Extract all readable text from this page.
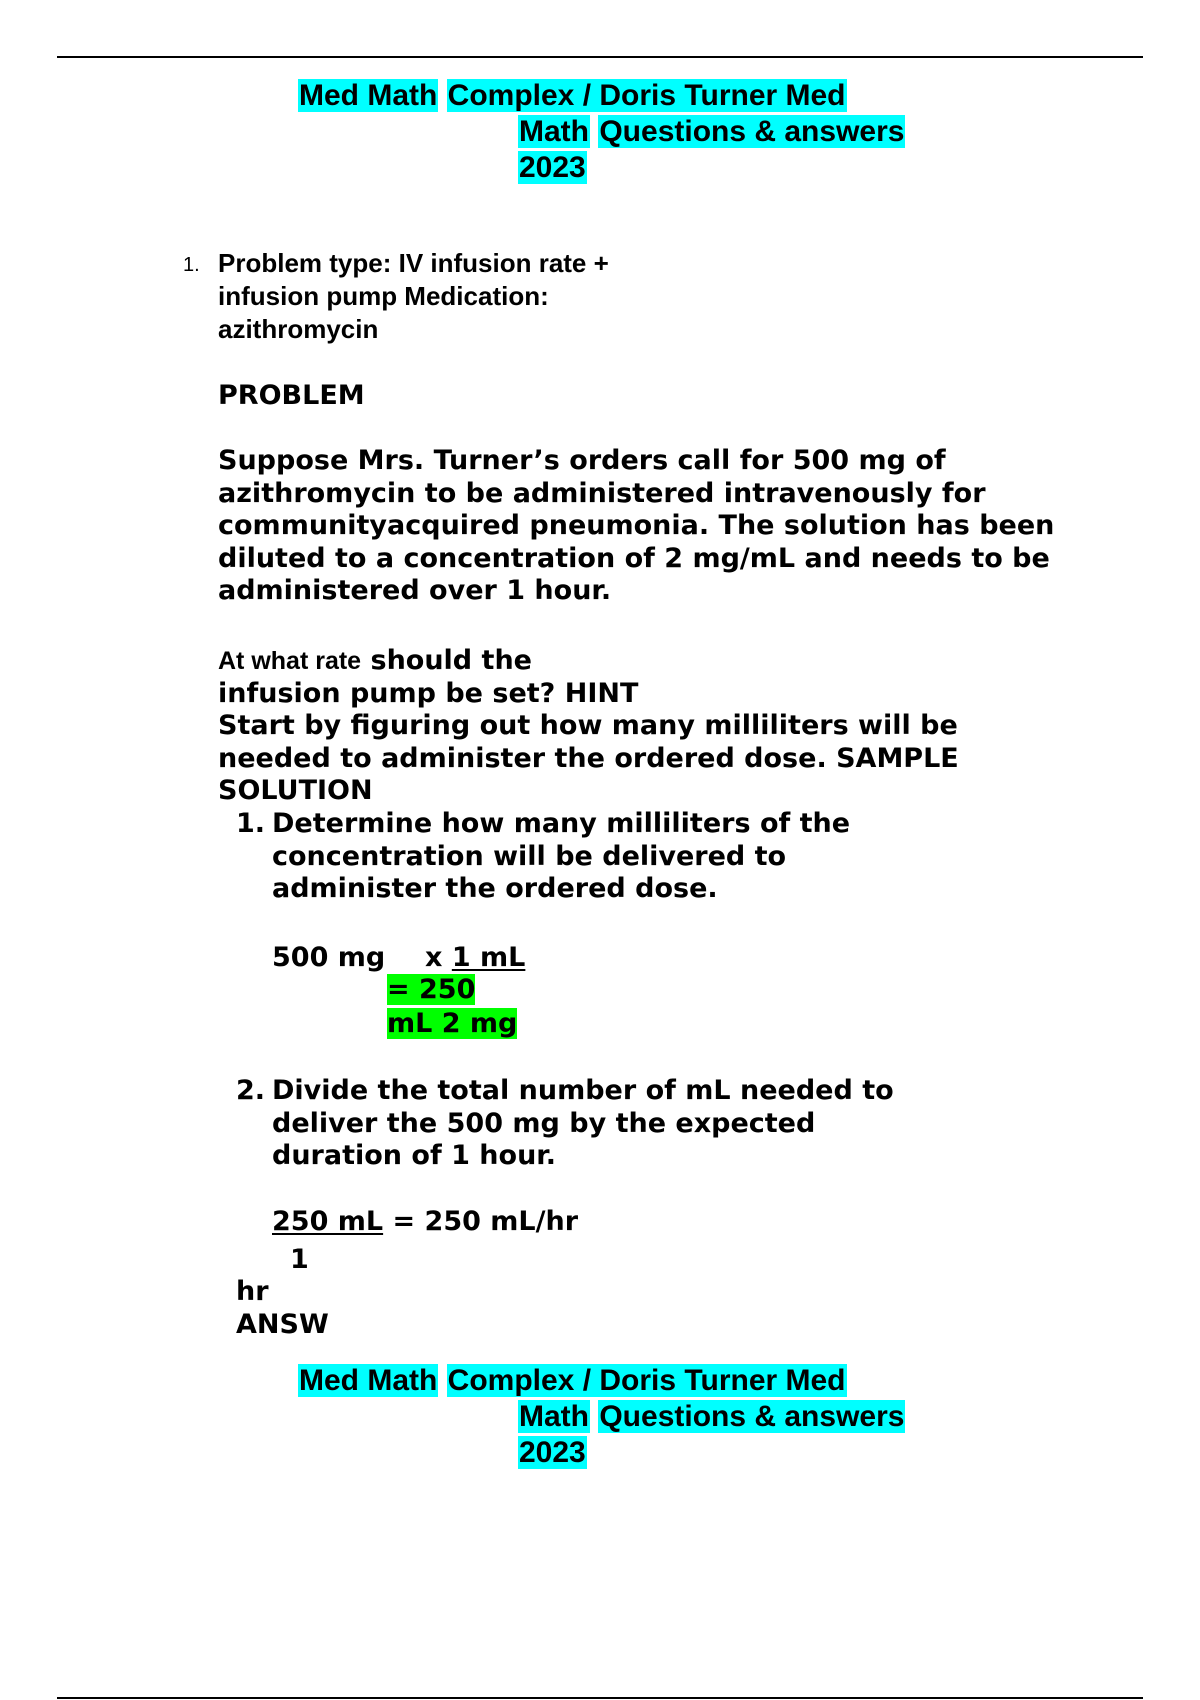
Med Math Complex / Doris Turner Med
Math Questions & answers
2023
1. Problem type: IV infusion rate +
infusion pump Medication:
azithromycin
PROBLEM
Suppose Mrs. Turner’s orders call for 500 mg of
azithromycin to be administered intravenously for
communityacquired pneumonia. The solution has been
diluted to a concentration of 2 mg/mL and needs to be
administered over 1 hour.
At what rate should the
infusion pump be set? HINT
Start by figuring out how many milliliters will be
needed to administer the ordered dose. SAMPLE
SOLUTION
1. Determine how many milliliters of the
concentration will be delivered to
administer the ordered dose.
500 mg x 1 mL
= 250
mL 2 mg
2. Divide the total number of mL needed to
deliver the 500 mg by the expected
duration of 1 hour.
250 mL = 250 mL/hr
1
hr
ANSW
Med Math Complex / Doris Turner Med
Math Questions & answers
2023
